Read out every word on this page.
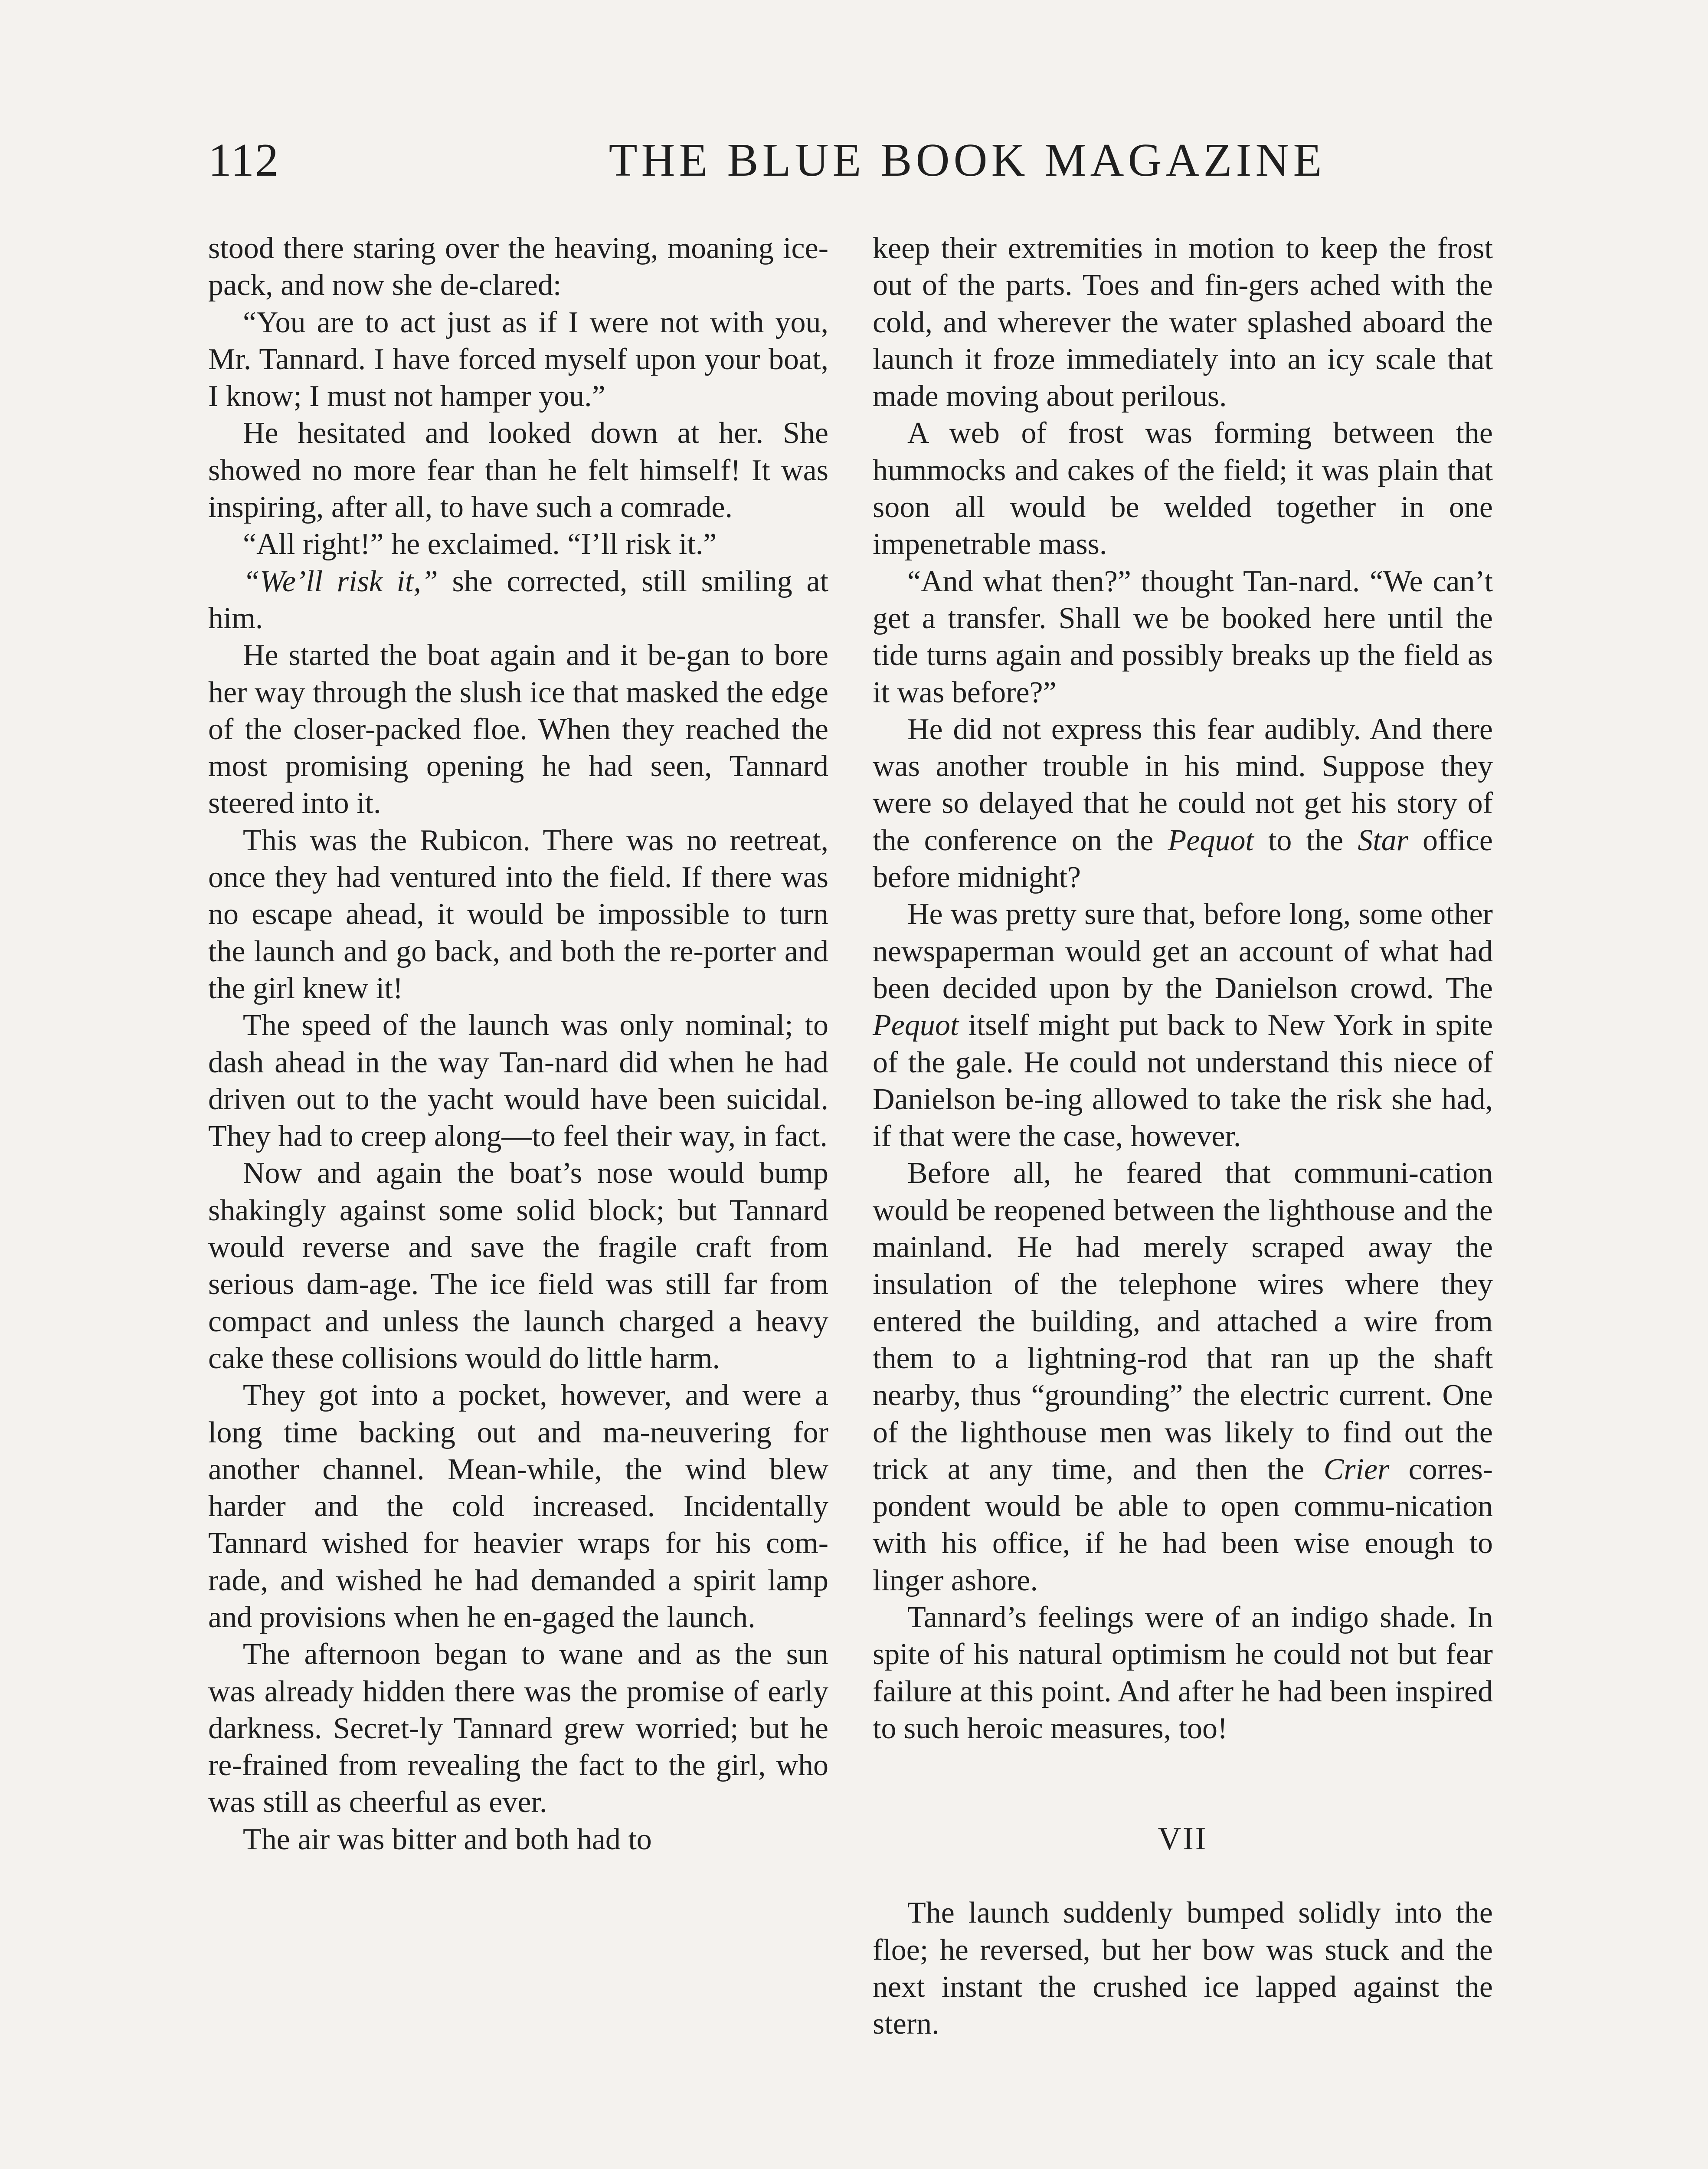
112	THE BLUE BOOK MAGAZINE

stood there staring over the heaving, moaning ice-pack, and now she de-clared:

“You are to act just as if I were not with you, Mr. Tannard. I have forced myself upon your boat, I know; I must not hamper you.”

He hesitated and looked down at her. She showed no more fear than he felt himself! It was inspiring, after all, to have such a comrade.

“All right!” he exclaimed. “I’ll risk it.”

“We’ll risk it,” she corrected, still smiling at him.

He started the boat again and it be-gan to bore her way through the slush ice that masked the edge of the closer-packed floe. When they reached the most promising opening he had seen, Tannard steered into it.

This was the Rubicon. There was no reetreat, once they had ventured into the field. If there was no escape ahead, it would be impossible to turn the launch and go back, and both the re-porter and the girl knew it!

The speed of the launch was only nominal; to dash ahead in the way Tan-nard did when he had driven out to the yacht would have been suicidal. They had to creep along—to feel their way, in fact.

Now and again the boat’s nose would bump shakingly against some solid block; but Tannard would reverse and save the fragile craft from serious dam-age. The ice field was still far from compact and unless the launch charged a heavy cake these collisions would do little harm.

They got into a pocket, however, and were a long time backing out and ma-neuvering for another channel. Mean-while, the wind blew harder and the cold increased. Incidentally Tannard wished for heavier wraps for his com-rade, and wished he had demanded a spirit lamp and provisions when he en-gaged the launch.

The afternoon began to wane and as the sun was already hidden there was the promise of early darkness. Secret-ly Tannard grew worried; but he re-frained from revealing the fact to the girl, who was still as cheerful as ever.

The air was bitter and both had to

keep their extremities in motion to keep the frost out of the parts. Toes and fin-gers ached with the cold, and wherever the water splashed aboard the launch it froze immediately into an icy scale that made moving about perilous.

A web of frost was forming between the hummocks and cakes of the field; it was plain that soon all would be welded together in one impenetrable mass.

“And what then?” thought Tan-nard. “We can’t get a transfer. Shall we be booked here until the tide turns again and possibly breaks up the field as it was before?”

He did not express this fear audibly. And there was another trouble in his mind. Suppose they were so delayed that he could not get his story of the conference on the Pequot to the Star office before midnight?

He was pretty sure that, before long, some other newspaperman would get an account of what had been decided upon by the Danielson crowd. The Pequot itself might put back to New York in spite of the gale. He could not understand this niece of Danielson be-ing allowed to take the risk she had, if that were the case, however.

Before all, he feared that communi-cation would be reopened between the lighthouse and the mainland. He had merely scraped away the insulation of the telephone wires where they entered the building, and attached a wire from them to a lightning-rod that ran up the shaft nearby, thus “grounding” the electric current. One of the lighthouse men was likely to find out the trick at any time, and then the Crier corres-pondent would be able to open commu-nication with his office, if he had been wise enough to linger ashore.

Tannard’s feelings were of an indigo shade. In spite of his natural optimism he could not but fear failure at this point. And after he had been inspired to such heroic measures, too!

VII

The launch suddenly bumped solidly into the floe; he reversed, but her bow was stuck and the next instant the crushed ice lapped against the stern.
